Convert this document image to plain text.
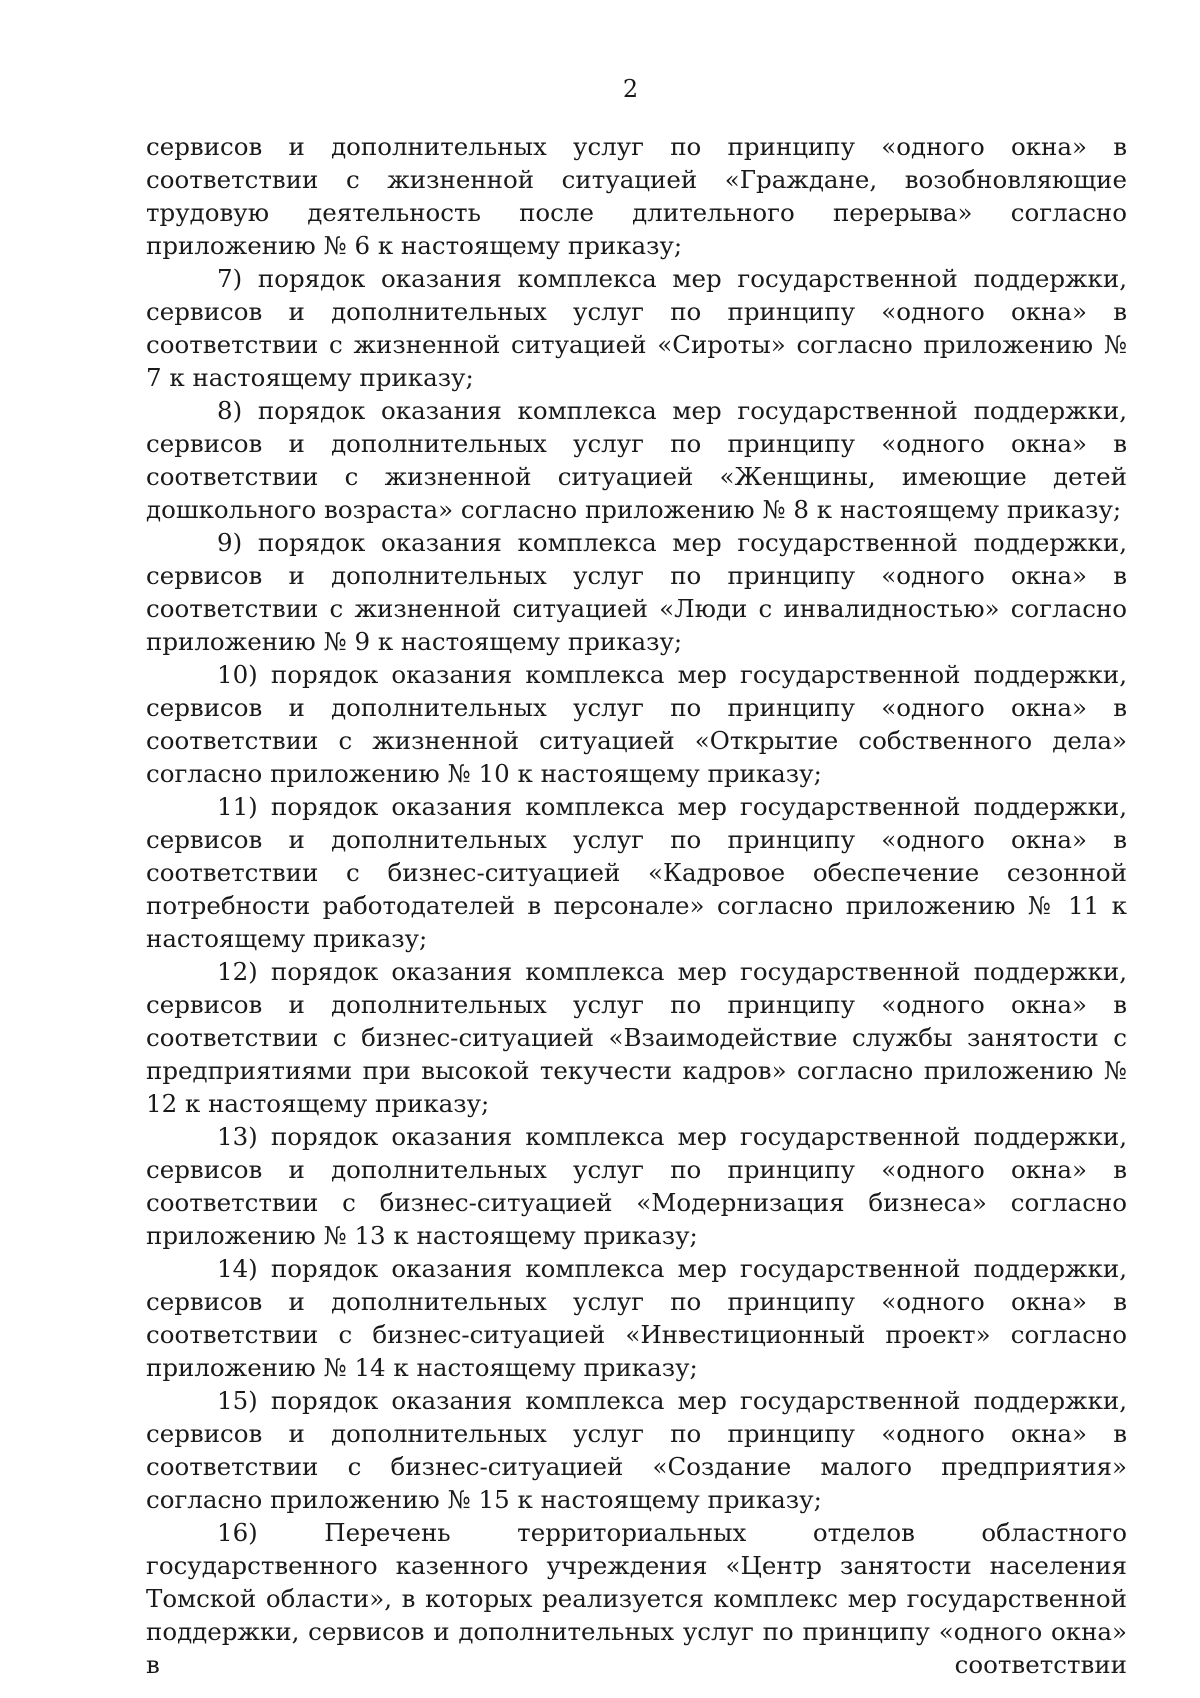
2

сервисов и дополнительных услуг по принципу «одного окна» в соответствии с жизненной ситуацией «Граждане, возобновляющие трудовую деятельность после длительного перерыва» согласно приложению № 6 к настоящему приказу;

7) порядок оказания комплекса мер государственной поддержки, сервисов и дополнительных услуг по принципу «одного окна» в соответствии с жизненной ситуацией «Сироты» согласно приложению № 7 к настоящему приказу;

8) порядок оказания комплекса мер государственной поддержки, сервисов и дополнительных услуг по принципу «одного окна» в соответствии с жизненной ситуацией «Женщины, имеющие детей дошкольного возраста» согласно приложению № 8 к настоящему приказу;

9) порядок оказания комплекса мер государственной поддержки, сервисов и дополнительных услуг по принципу «одного окна» в соответствии с жизненной ситуацией «Люди с инвалидностью» согласно приложению № 9 к настоящему приказу;

10) порядок оказания комплекса мер государственной поддержки, сервисов и дополнительных услуг по принципу «одного окна» в соответствии с жизненной ситуацией «Открытие собственного дела» согласно приложению № 10 к настоящему приказу;

11) порядок оказания комплекса мер государственной поддержки, сервисов и дополнительных услуг по принципу «одного окна» в соответствии с бизнес-ситуацией «Кадровое обеспечение сезонной потребности работодателей в персонале» согласно приложению № 11 к настоящему приказу;

12) порядок оказания комплекса мер государственной поддержки, сервисов и дополнительных услуг по принципу «одного окна» в соответствии с бизнес-ситуацией «Взаимодействие службы занятости с предприятиями при высокой текучести кадров» согласно приложению № 12 к настоящему приказу;

13) порядок оказания комплекса мер государственной поддержки, сервисов и дополнительных услуг по принципу «одного окна» в соответствии с бизнес-ситуацией «Модернизация бизнеса» согласно приложению № 13 к настоящему приказу;

14) порядок оказания комплекса мер государственной поддержки, сервисов и дополнительных услуг по принципу «одного окна» в соответствии с бизнес-ситуацией «Инвестиционный проект» согласно приложению № 14 к настоящему приказу;

15) порядок оказания комплекса мер государственной поддержки, сервисов и дополнительных услуг по принципу «одного окна» в соответствии с бизнес-ситуацией «Создание малого предприятия» согласно приложению № 15 к настоящему приказу;

16) Перечень территориальных отделов областного государственного казенного учреждения «Центр занятости населения Томской области», в которых реализуется комплекс мер государственной поддержки, сервисов и дополнительных услуг по принципу «одного окна» в соответствии
